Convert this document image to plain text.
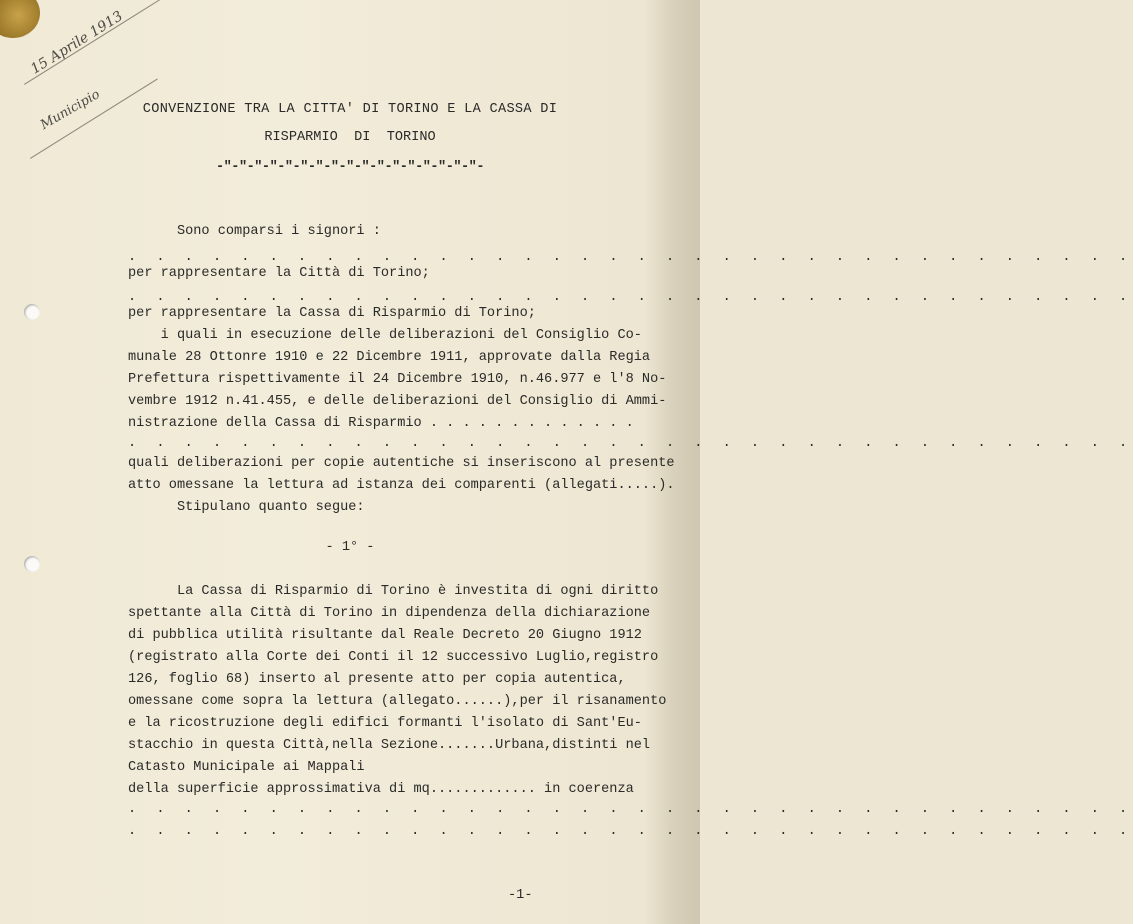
15 Aprile 1913
Municipio	CONVENZIONE TRA LA CITTA' DI TORINO E LA CASSA DI
RISPARMIO  DI  TORINO
-"-"-"-"-"-"-"-"-"-"-"-"-"-"-"-"-"-
Sono comparsi i signori :
. . . . . . . . . . . . . . . . . . . . . . . . . . . . . . . . . . . .
per rappresentare la Città di Torino;
. . . . . . . . . . . . . . . . . . . . . . . . . . . . . . . . . . . .
per rappresentare la Cassa di Risparmio di Torino;
i quali in esecuzione delle deliberazioni del Consiglio Co-
munale 28 Ottonre 1910 e 22 Dicembre 1911, approvate dalla Regia
Prefettura rispettivamente il 24 Dicembre 1910, n.46.977 e l'8 No-
vembre 1912 n.41.455, e delle deliberazioni del Consiglio di Ammi-
nistrazione della Cassa di Risparmio . . . . . . . . . . . . .
. . . . . . . . . . . . . . . . . . . . . . . . . . . . . . . . . . . .
quali deliberazioni per copie autentiche si inseriscono al presente
atto omessane la lettura ad istanza dei comparenti (allegati.....).
Stipulano quanto segue:
- 1° -
La Cassa di Risparmio di Torino è investita di ogni diritto
spettante alla Città di Torino in dipendenza della dichiarazione
di pubblica utilità risultante dal Reale Decreto 20 Giugno 1912
(registrato alla Corte dei Conti il 12 successivo Luglio,registro
126, foglio 68) inserto al presente atto per copia autentica,
omessane come sopra la lettura (allegato......),per il risanamento
e la ricostruzione degli edifici formanti l'isolato di Sant'Eu-
stacchio in questa Città,nella Sezione.......Urbana,distinti nel
Catasto Municipale ai Mappali
della superficie approssimativa di mq............. in coerenza
. . . . . . . . . . . . . . . . . . . . . . . . . . . . . . . . . . . .
. . . . . . . . . . . . . . . . . . . . . . . . . . . . . . . . . . . .
-1-
